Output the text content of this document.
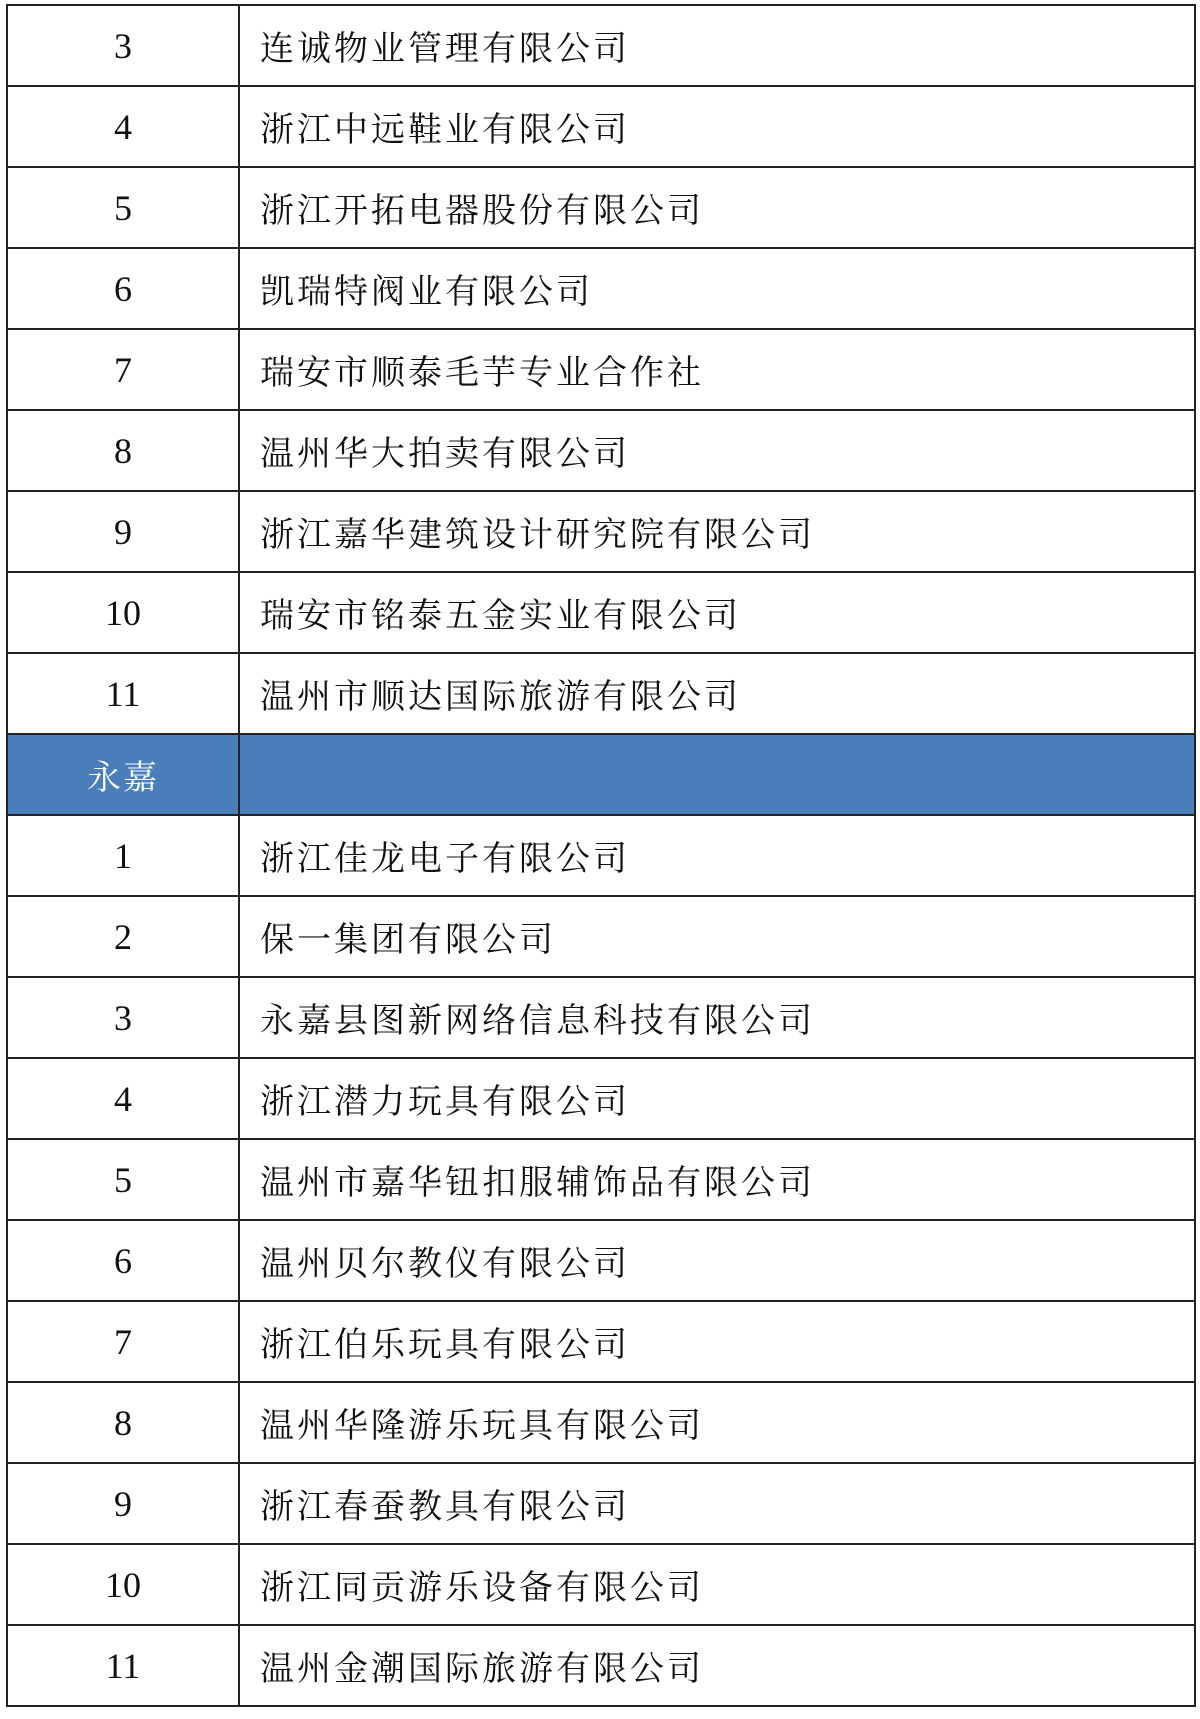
3	连诚物业管理有限公司
4	浙江中远鞋业有限公司
5	浙江开拓电器股份有限公司
6	凯瑞特阀业有限公司
7	瑞安市顺泰毛芋专业合作社
8	温州华大拍卖有限公司
9	浙江嘉华建筑设计研究院有限公司
10	瑞安市铭泰五金实业有限公司
11	温州市顺达国际旅游有限公司
永嘉	
1	浙江佳龙电子有限公司
2	保一集团有限公司
3	永嘉县图新网络信息科技有限公司
4	浙江潜力玩具有限公司
5	温州市嘉华钮扣服辅饰品有限公司
6	温州贝尔教仪有限公司
7	浙江伯乐玩具有限公司
8	温州华隆游乐玩具有限公司
9	浙江春蚕教具有限公司
10	浙江同贡游乐设备有限公司
11	温州金潮国际旅游有限公司
